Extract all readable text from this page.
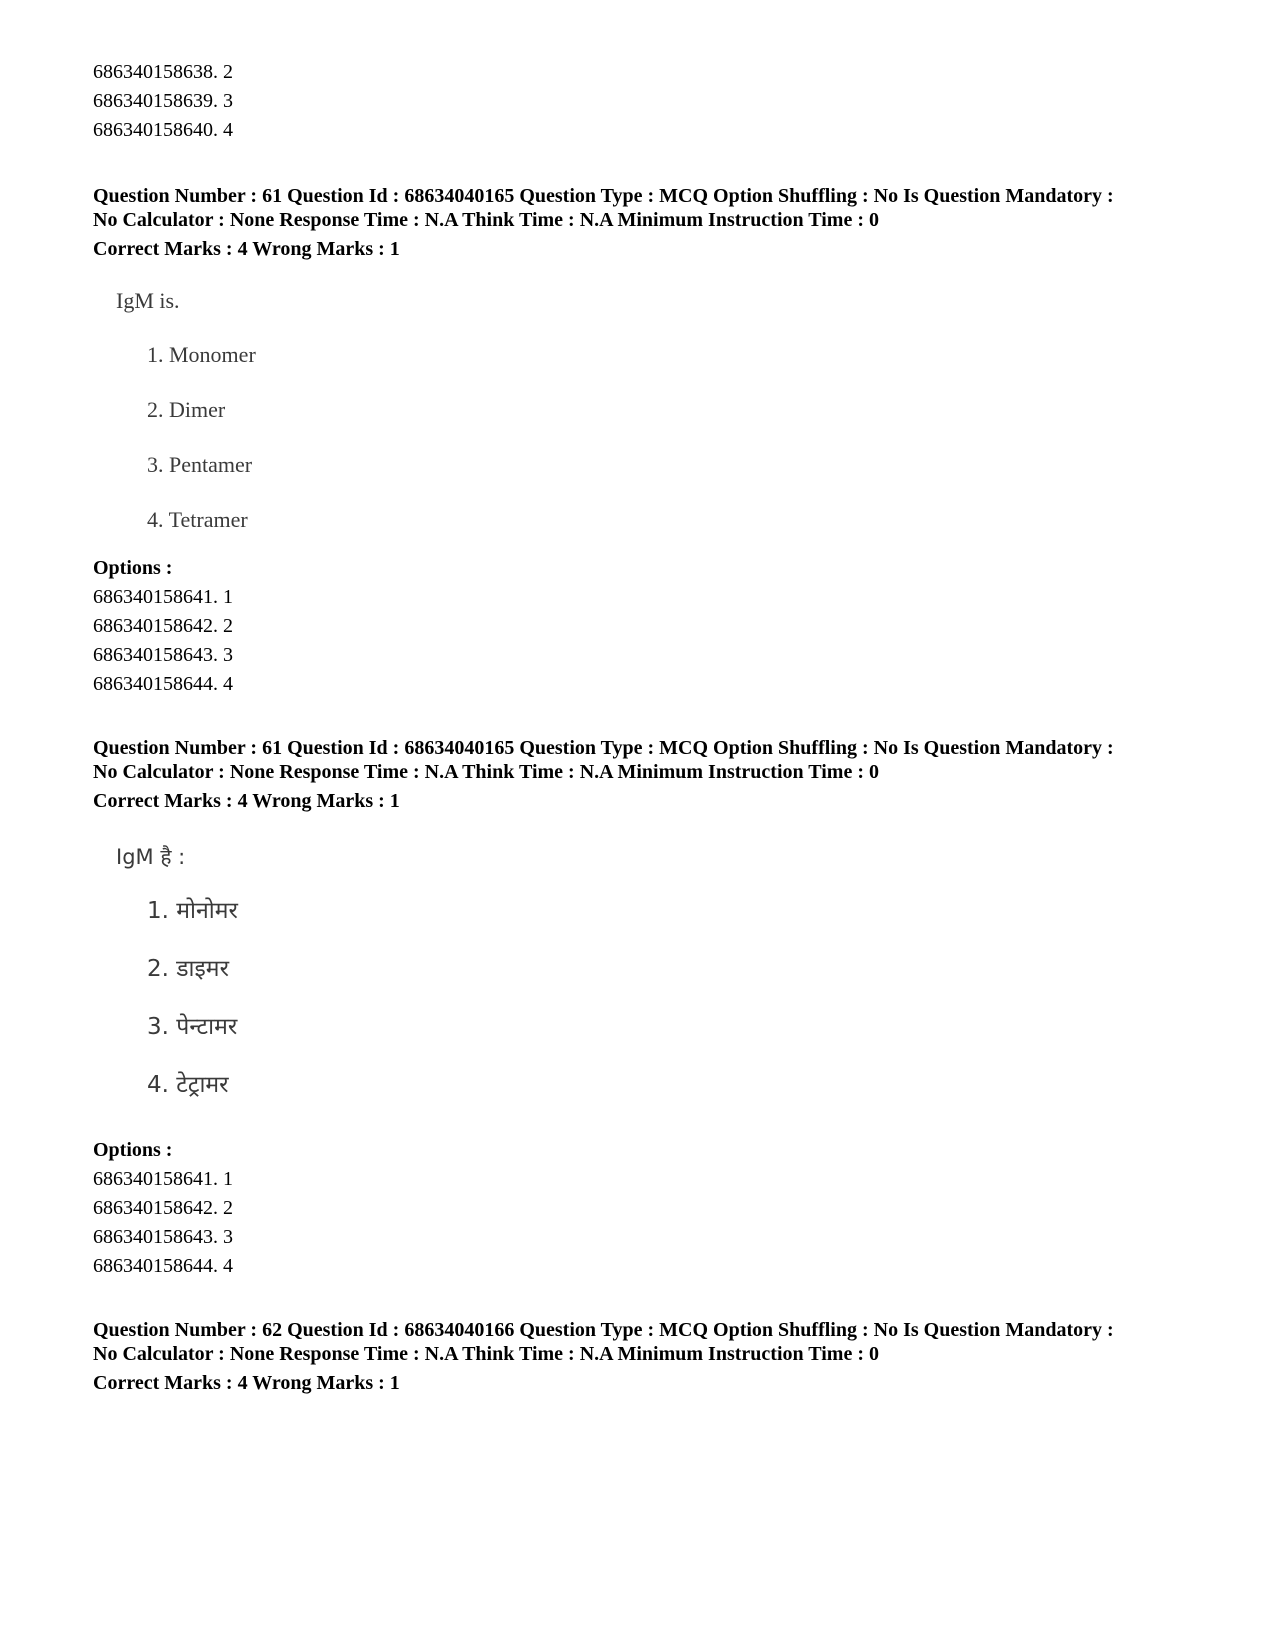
686340158638. 2
686340158639. 3
686340158640. 4
Question Number : 61 Question Id : 68634040165 Question Type : MCQ Option Shuffling : No Is Question Mandatory :
No Calculator : None Response Time : N.A Think Time : N.A Minimum Instruction Time : 0
Correct Marks : 4 Wrong Marks : 1
IgM is.
1. Monomer
2. Dimer
3. Pentamer
4. Tetramer
Options :
686340158641. 1
686340158642. 2
686340158643. 3
686340158644. 4
Question Number : 61 Question Id : 68634040165 Question Type : MCQ Option Shuffling : No Is Question Mandatory :
No Calculator : None Response Time : N.A Think Time : N.A Minimum Instruction Time : 0
Correct Marks : 4 Wrong Marks : 1
IgM है :
1. मोनोमर
2. डाइमर
3. पेन्टामर
4. टेट्रामर
Options :
686340158641. 1
686340158642. 2
686340158643. 3
686340158644. 4
Question Number : 62 Question Id : 68634040166 Question Type : MCQ Option Shuffling : No Is Question Mandatory :
No Calculator : None Response Time : N.A Think Time : N.A Minimum Instruction Time : 0
Correct Marks : 4 Wrong Marks : 1
